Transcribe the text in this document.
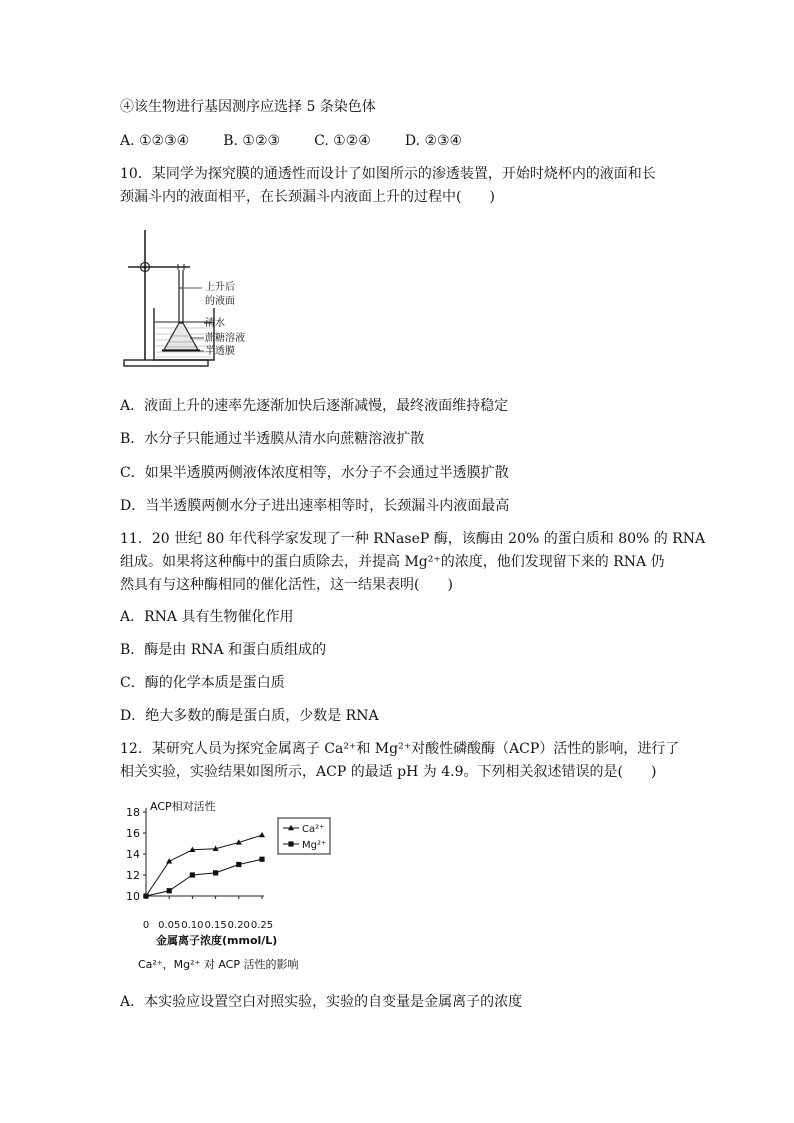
④该生物进行基因测序应选择 5 条染色体
A. ①②③④ B. ①②③ C. ①②④ D. ②③④
10．某同学为探究膜的通透性而设计了如图所示的渗透装置，开始时烧杯内的液面和长
颈漏斗内的液面相平，在长颈漏斗内液面上升的过程中(　　)
上升后
的液面
清水
蔗糖溶液
半透膜
A．液面上升的速率先逐渐加快后逐渐减慢，最终液面维持稳定
B．水分子只能通过半透膜从清水向蔗糖溶液扩散
C．如果半透膜两侧液体浓度相等，水分子不会通过半透膜扩散
D．当半透膜两侧水分子进出速率相等时，长颈漏斗内液面最高
11．20 世纪 80 年代科学家发现了一种 RNaseP 酶，该酶由 20% 的蛋白质和 80% 的 RNA
组成。如果将这种酶中的蛋白质除去，并提高 Mg²⁺的浓度，他们发现留下来的 RNA 仍
然具有与这种酶相同的催化活性，这一结果表明(　　)
A．RNA 具有生物催化作用
B．酶是由 RNA 和蛋白质组成的
C．酶的化学本质是蛋白质
D．绝大多数的酶是蛋白质，少数是 RNA
12．某研究人员为探究金属离子 Ca²⁺和 Mg²⁺对酸性磷酸酶（ACP）活性的影响，进行了
相关实验，实验结果如图所示，ACP 的最适 pH 为 4.9。下列相关叙述错误的是(　　)
10
12
14
16
18
0 0.05 0.10 0.15 0.20 0.25
ACP相对活性
金属离子浓度(mmol/L)
Ca²⁺
Mg²⁺
Ca²⁺，Mg²⁺ 对 ACP 活性的影响
A．本实验应设置空白对照实验，实验的自变量是金属离子的浓度
